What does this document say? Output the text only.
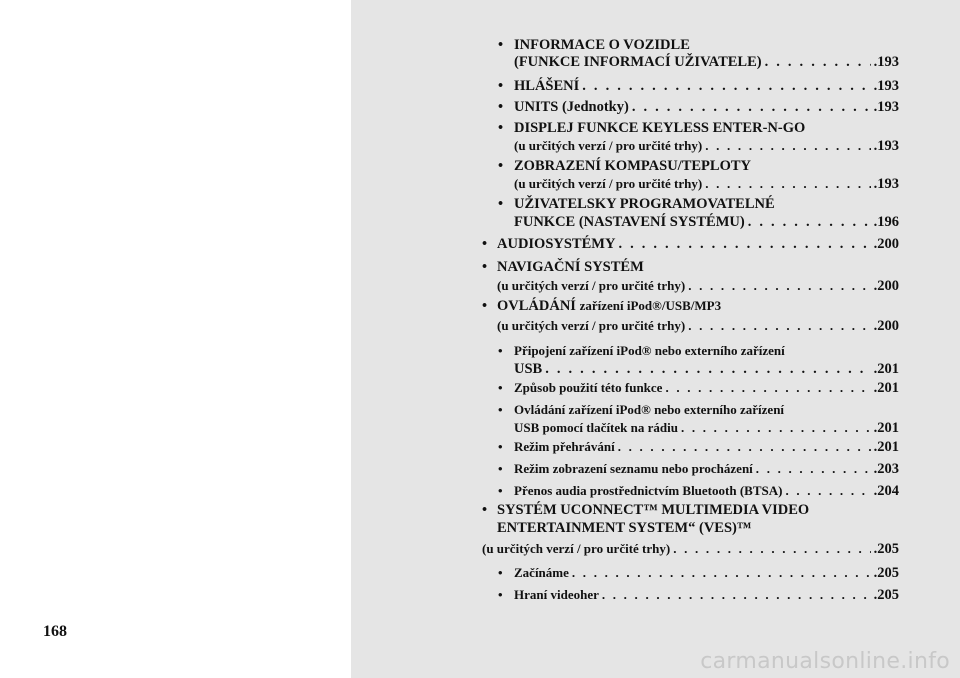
168
• INFORMACE O VOZIDLE
(FUNKCE INFORMACÍ UŽIVATELE) . . .	.193
• HLÁŠENÍ . . .	.193
• UNITS (Jednotky) . . .	.193
• DISPLEJ FUNKCE KEYLESS ENTER-N-GO
(u určitých verzí / pro určité trhy) . . .	.193
• ZOBRAZENÍ KOMPASU/TEPLOTY
(u určitých verzí / pro určité trhy) . . .	.193
• UŽIVATELSKY PROGRAMOVATELNÉ
FUNKCE (NASTAVENÍ SYSTÉMU) . . .	.196
• AUDIOSYSTÉMY . . .	.200
• NAVIGAČNÍ SYSTÉM
(u určitých verzí / pro určité trhy) . . .	.200
• OVLÁDÁNÍ zařízení iPod®/USB/MP3
(u určitých verzí / pro určité trhy) . . .	.200
• Připojení zařízení iPod® nebo externího zařízení
USB . . .	.201
• Způsob použití této funkce . . .	.201
• Ovládání zařízení iPod® nebo externího zařízení
USB pomocí tlačítek na rádiu . . .	.201
• Režim přehrávání . . .	.201
• Režim zobrazení seznamu nebo procházení . . .	.203
• Přenos audia prostřednictvím Bluetooth (BTSA) . . .	.204
• SYSTÉM UCONNECT™ MULTIMEDIA VIDEO
ENTERTAINMENT SYSTEM“ (VES)™
(u určitých verzí / pro určité trhy) . . .	.205
• Začínáme . . .	.205
• Hraní videoher . . .	.205
carmanualsonline.info
